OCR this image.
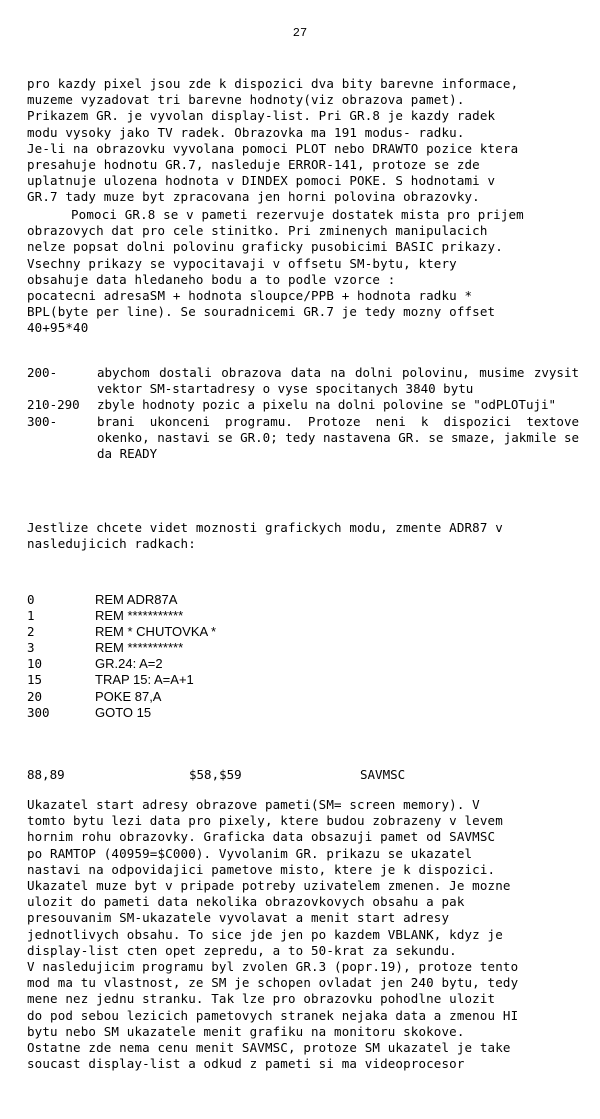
27
pro kazdy pixel jsou zde k dispozici dva bity barevne informace,
muzeme vyzadovat tri barevne hodnoty(viz obrazova pamet).
Prikazem GR. je vyvolan display-list. Pri GR.8 je kazdy radek
modu vysoky jako TV radek. Obrazovka ma 191 modus- radku.
Je-li na obrazovku vyvolana pomoci PLOT nebo DRAWTO pozice ktera
presahuje hodnotu GR.7, nasleduje ERROR-141, protoze se zde
uplatnuje ulozena hodnota v DINDEX pomoci POKE. S hodnotami v
GR.7 tady muze byt zpracovana jen horni polovina obrazovky.
Pomoci GR.8 se v pameti rezervuje dostatek mista pro prijem
obrazovych dat pro cele stinitko. Pri zminenych manipulacich
nelze popsat dolni polovinu graficky pusobicimi BASIC prikazy.
Vsechny prikazy se vypocitavaji v offsetu SM-bytu, ktery
obsahuje data hledaneho bodu a to podle vzorce :
pocatecni adresaSM + hodnota sloupce/PPB + hodnota radku *
BPL(byte per line). Se souradnicemi GR.7 je tedy mozny offset
40+95*40
200-	abychom dostali obrazova data na dolni polovinu, musime zvysit vektor SM-startadresy o vyse spocitanych 3840 bytu
210-290	zbyle hodnoty pozic a pixelu na dolni polovine se "odPLOTuji"
300-	brani ukonceni programu. Protoze neni k dispozici textove okenko, nastavi se GR.0; tedy nastavena GR. se smaze, jakmile se da READY
Jestlize chcete videt moznosti grafickych modu, zmente ADR87 v
nasledujicich radkach:
0	REM ADR87A
1	REM ***********
2	REM * CHUTOVKA *
3	REM ***********
10	GR.24: A=2
15	TRAP 15: A=A+1
20	POKE 87,A
300	GOTO 15
88,89	$58,$59	SAVMSC
Ukazatel start adresy obrazove pameti(SM= screen memory). V
tomto bytu lezi data pro pixely, ktere budou zobrazeny v levem
hornim rohu obrazovky. Graficka data obsazuji pamet od SAVMSC
po RAMTOP (40959=$C000). Vyvolanim GR. prikazu se ukazatel
nastavi na odpovidajici pametove misto, ktere je k dispozici.
Ukazatel muze byt v pripade potreby uzivatelem zmenen. Je mozne
ulozit do pameti data nekolika obrazovkovych obsahu a pak
presouvanim SM-ukazatele vyvolavat a menit start adresy
jednotlivych obsahu. To sice jde jen po kazdem VBLANK, kdyz je
display-list cten opet zepredu, a to 50-krat za sekundu.
V nasledujicim programu byl zvolen GR.3 (popr.19), protoze tento
mod ma tu vlastnost, ze SM je schopen ovladat jen 240 bytu, tedy
mene nez jednu stranku. Tak lze pro obrazovku pohodlne ulozit
do pod sebou lezicich pametovych stranek nejaka data a zmenou HI
bytu nebo SM ukazatele menit grafiku na monitoru skokove.
Ostatne zde nema cenu menit SAVMSC, protoze SM ukazatel je take
soucast display-list a odkud z pameti si ma videoprocesor
